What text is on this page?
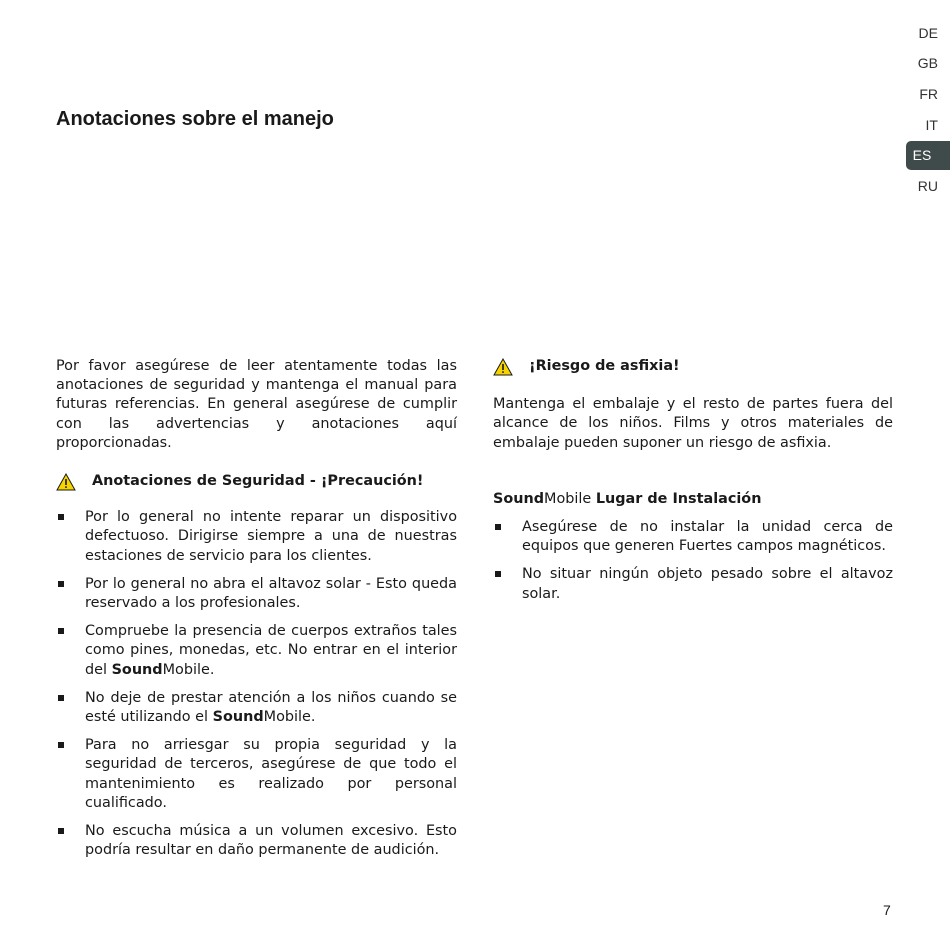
DE
GB
FR
IT
ES
RU
Anotaciones sobre el manejo

Por favor asegúrese de leer atentamente todas las anotaciones de seguridad y mantenga el manual para futuras referencias. En general asegúrese de cumplir con las advertencias y anotaciones aquí proporcionadas.

Anotaciones de Seguridad - ¡Precaución!
Por lo general no intente reparar un dispositivo defectuoso. Dirigirse siempre a una de nuestras estaciones de servicio para los clientes.
Por lo general no abra el altavoz solar - Esto queda reservado a los profesionales.
Compruebe la presencia de cuerpos extraños tales como pines, monedas, etc. No entrar en el interior del SoundMobile.
No deje de prestar atención a los niños cuando se esté utilizando el SoundMobile.
Para no arriesgar su propia seguridad y la seguridad de terceros, asegúrese de que todo el mantenimiento es realizado por personal cualificado.
No escucha música a un volumen excesivo. Esto podría resultar en daño permanente de audición.
¡Riesgo de asfixia!

Mantenga el embalaje y el resto de partes fuera del alcance de los niños. Films y otros materiales de embalaje pueden suponer un riesgo de asfixia.

SoundMobile Lugar de Instalación
Asegúrese de no instalar la unidad cerca de equipos que generen Fuertes campos magnéticos.
No situar ningún objeto pesado sobre el altavoz solar.
7
